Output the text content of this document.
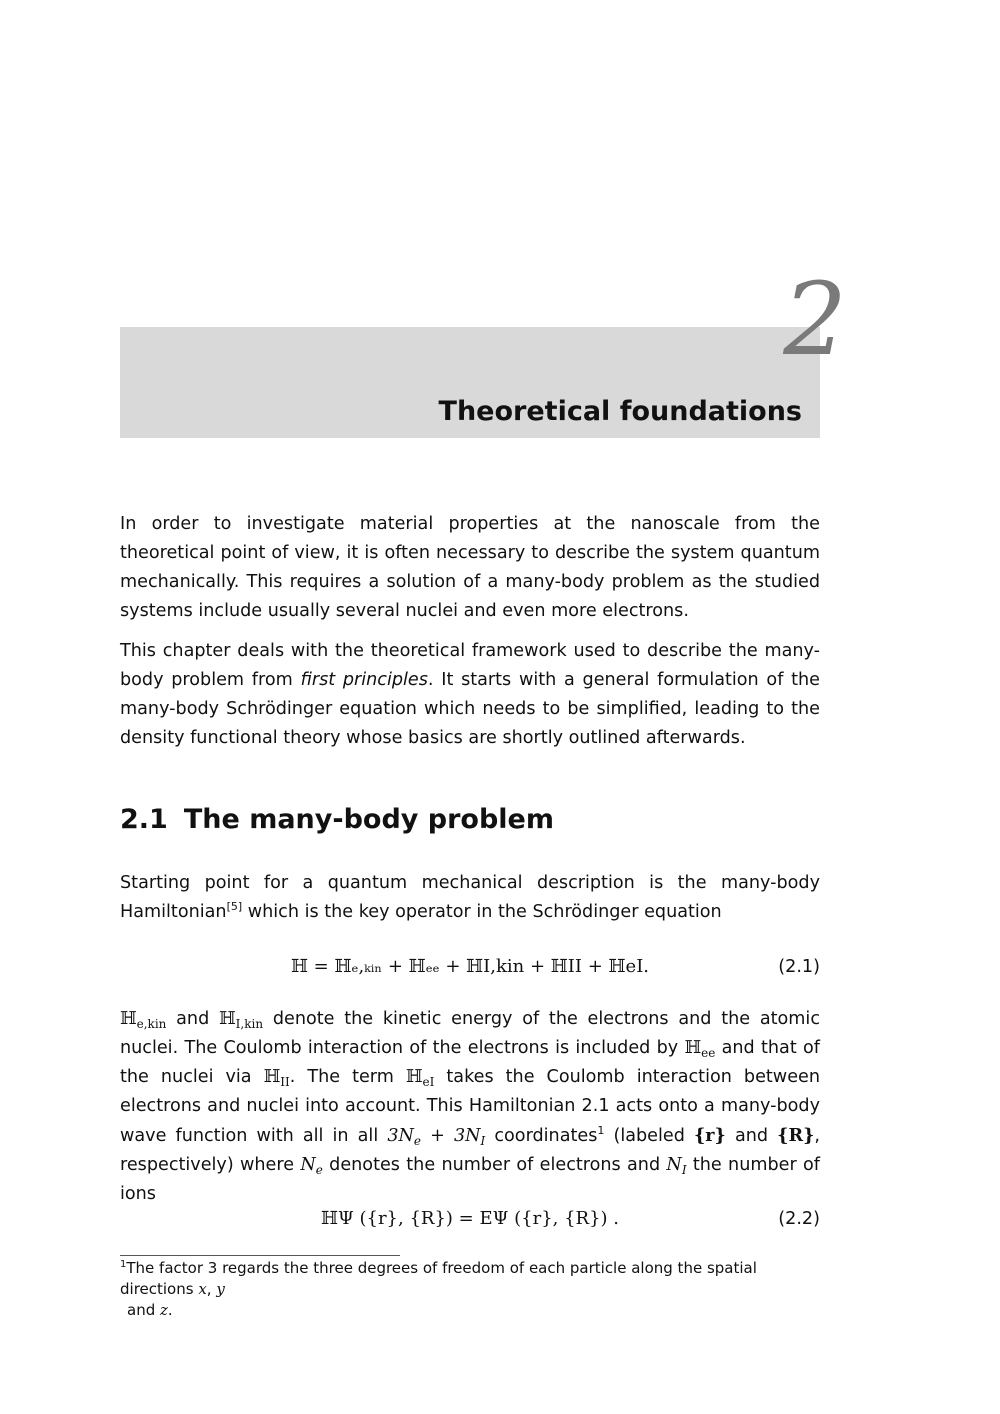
2
Theoretical foundations

In order to investigate material properties at the nanoscale from the theoretical point of view, it is often necessary to describe the system quantum mechanically. This requires a solution of a many-body problem as the studied systems include usually several nuclei and even more electrons.

This chapter deals with the theoretical framework used to describe the many-body problem from first principles. It starts with a general formulation of the many-body Schrödinger equation which needs to be simplified, leading to the density functional theory whose basics are shortly outlined afterwards.

2.1 The many-body problem

Starting point for a quantum mechanical description is the many-body Hamiltonian[5] which is the key operator in the Schrödinger equation

ℍ = ℍₑ,ₖᵢₙ + ℍₑₑ + ℍI,kin + ℍII + ℍeI.	(2.1)

ℍ$_{e,kin}$ and ℍ$_{I,kin}$ denote the kinetic energy of the electrons and the atomic nuclei. The Coulomb interaction of the electrons is included by ℍ$_{ee}$ and that of the nuclei via ℍ$_{II}$. The term ℍ$_{eI}$ takes the Coulomb interaction between electrons and nuclei into account. This Hamiltonian 2.1 acts onto a many-body wave function with all in all $3N_e + 3N_I$ coordinates$^1$ (labeled {r} and {R}, respectively) where $N_e$ denotes the number of electrons and $N_I$ the number of ions

ℍΨ ({r}, {R}) = EΨ ({r}, {R}) .	(2.2)
$^1$The factor 3 regards the three degrees of freedom of each particle along the spatial directions x, y
and z.
